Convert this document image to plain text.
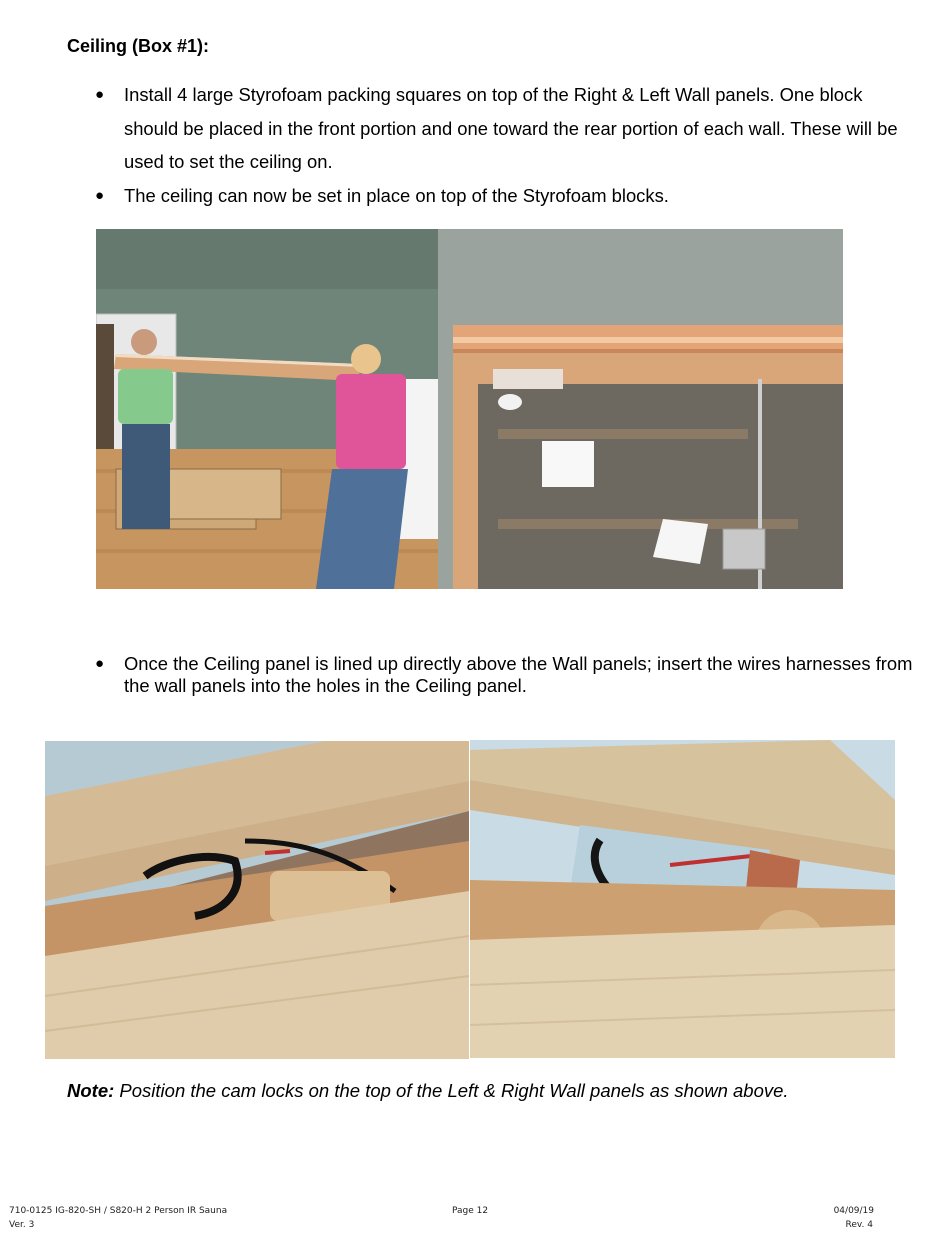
Ceiling (Box #1):
● Install 4 large Styrofoam packing squares on top of the Right & Left Wall panels. One block should be placed in the front portion and one toward the rear portion of each wall. These will be used to set the ceiling on.
● The ceiling can now be set in place on top of the Styrofoam blocks.
● Once the Ceiling panel is lined up directly above the Wall panels; insert the wires harnesses from the wall panels into the holes in the Ceiling panel.
Note: Position the cam locks on the top of the Left & Right Wall panels as shown above.
710-0125 IG-820-SH / S820-H 2 Person IR Sauna
Ver. 3
Page 12	04/09/19
Rev. 4
